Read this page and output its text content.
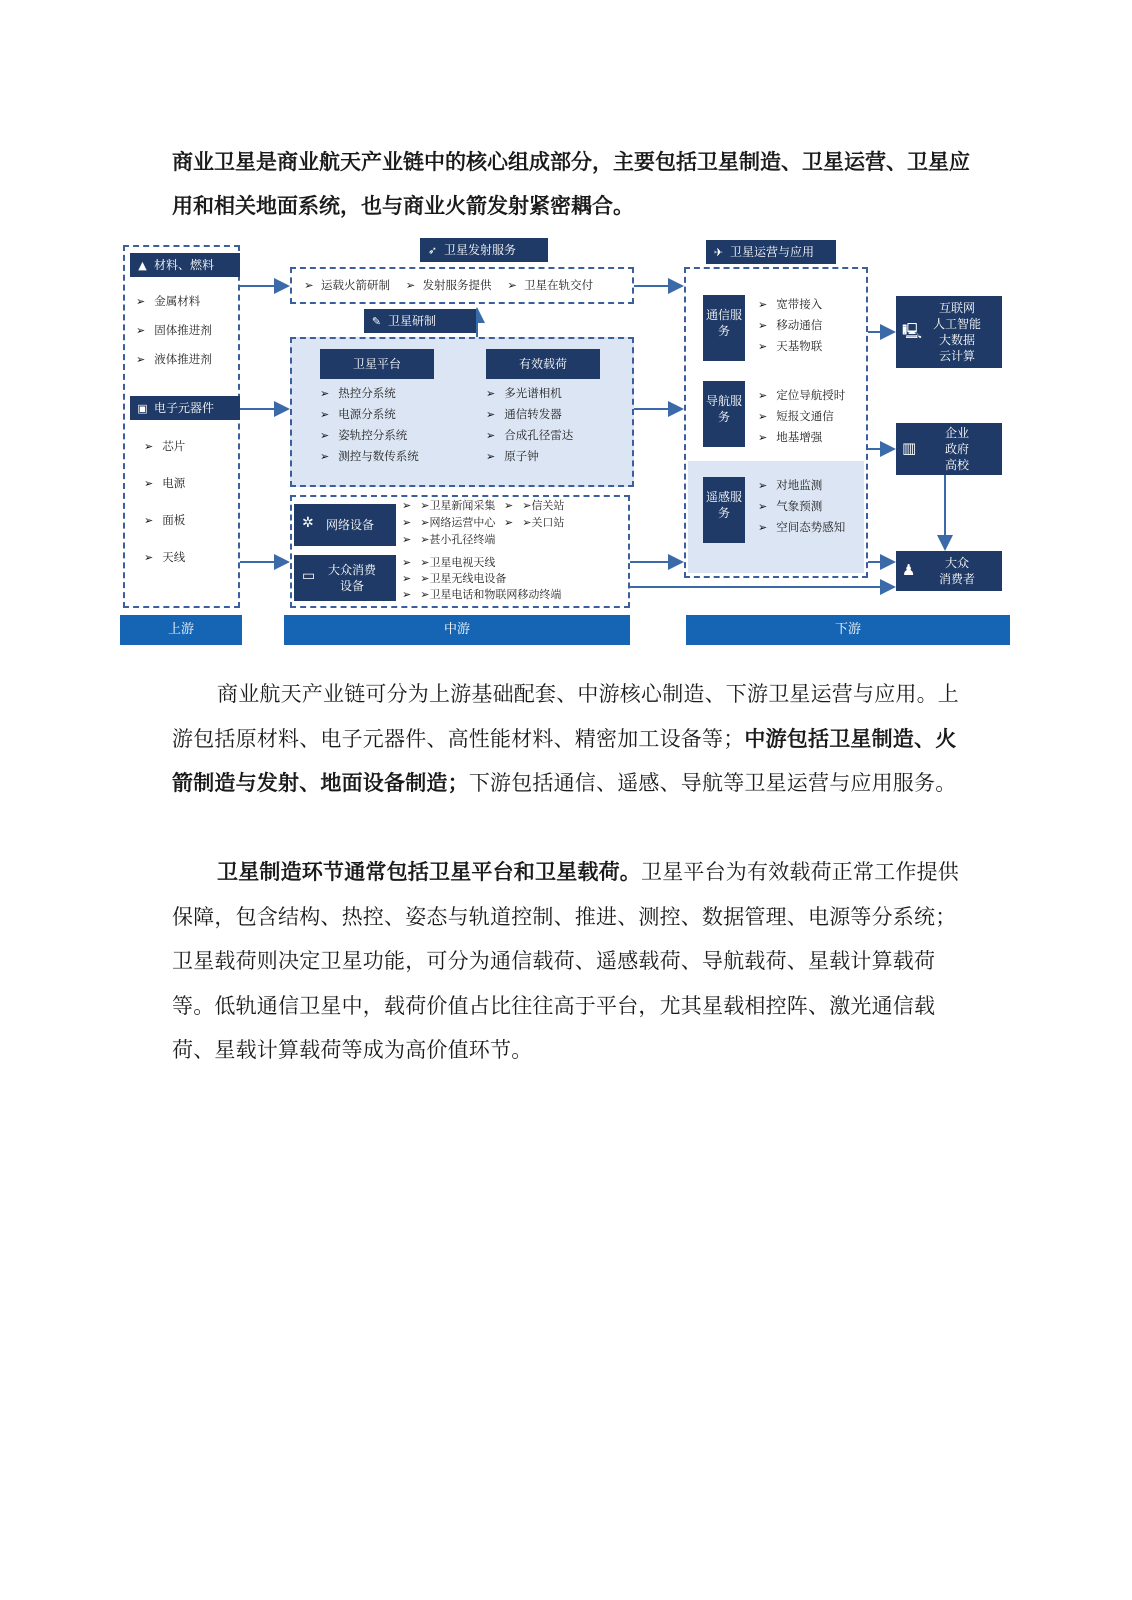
商业卫星是商业航天产业链中的核心组成部分，主要包括卫星制造、卫星运营、卫星应用和相关地面系统，也与商业火箭发射紧密耦合。

▲ 材料、燃料
➢ 金属材料
➢ 固体推进剂
➢ 液体推进剂
▣ 电子元器件
➢ 芯片
➢ 电源
➢ 面板
➢ 天线
➶ 卫星发射服务
➢  运载火箭研制 ➢  发射服务提供 ➢  卫星在轨交付
✎ 卫星研制
卫星平台	有效载荷
➢ 热控分系统
➢ 电源分系统
➢ 姿轨控分系统
➢ 测控与数传系统
➢ 多光谱相机
➢ 通信转发器
➢ 合成孔径雷达
➢ 原子钟
✲ 网络设备
➢ ➢卫星新闻采集
➢ ➢网络运营中心
➢ ➢甚小孔径终端
➢ ➢信关站
➢ ➢关口站
▭	大众消费设备
➢ ➢卫星电视天线
➢ ➢卫星无线电设备
➢ ➢卫星电话和物联网移动终端
✈ 卫星运营与应用
通信服务
➢ 宽带接入
➢ 移动通信
➢ 天基物联
导航服务
➢ 定位导航授时
➢ 短报文通信
➢ 地基增强
遥感服务
➢ 对地监测
➢ 气象预测
➢ 空间态势感知
🖳
互联网
人工智能
大数据
云计算
▥
企业
政府
高校
♟	大众
消费者
上游	中游	下游

商业航天产业链可分为上游基础配套、中游核心制造、下游卫星运营与应用。上游包括原材料、电子元器件、高性能材料、精密加工设备等；中游包括卫星制造、火箭制造与发射、地面设备制造；下游包括通信、遥感、导航等卫星运营与应用服务。

卫星制造环节通常包括卫星平台和卫星载荷。卫星平台为有效载荷正常工作提供保障，包含结构、热控、姿态与轨道控制、推进、测控、数据管理、电源等分系统；卫星载荷则决定卫星功能，可分为通信载荷、遥感载荷、导航载荷、星载计算载荷等。低轨通信卫星中，载荷价值占比往往高于平台，尤其星载相控阵、激光通信载荷、星载计算载荷等成为高价值环节。
